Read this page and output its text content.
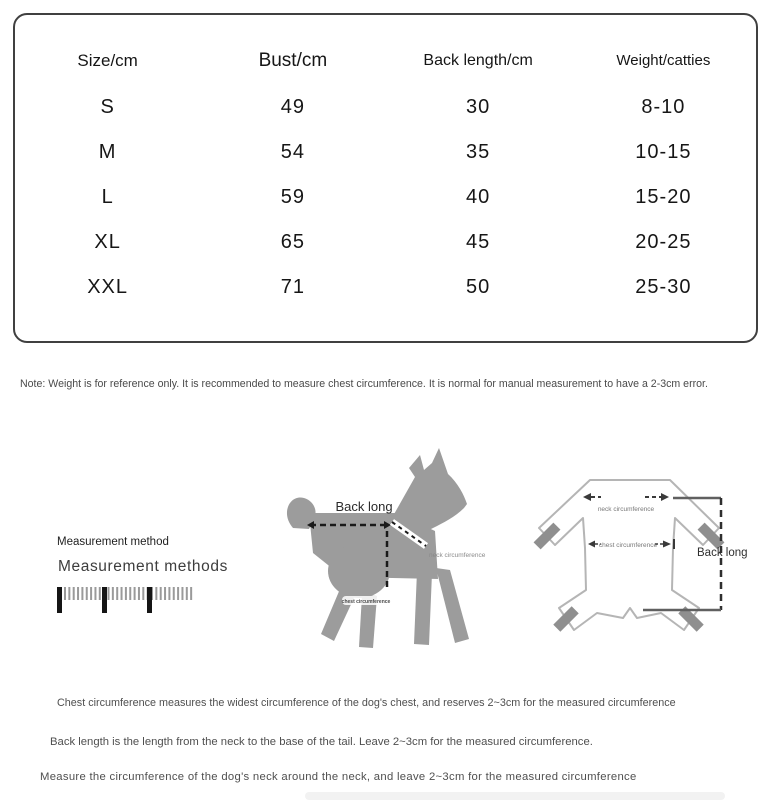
Size/cm	Bust/cm	Back length/cm	Weight/catties
S	49	30	8-10
M	54	35	10-15
L	59	40	15-20
XL	65	45	20-25
XXL	71	50	25-30
Note: Weight is for reference only. It is recommended to measure chest circumference. It is normal for manual measurement to have a 2-3cm error.
Measurement method
Measurement methods
Back long
neck circumference
chest circumference
neck circumference
chest circumference
Back long
Chest circumference measures the widest circumference of the dog's chest, and reserves 2~3cm for the measured circumference
Back length is the length from the neck to the base of the tail. Leave 2~3cm for the measured circumference.
Measure the circumference of the dog's neck around the neck, and leave 2~3cm for the measured circumference
